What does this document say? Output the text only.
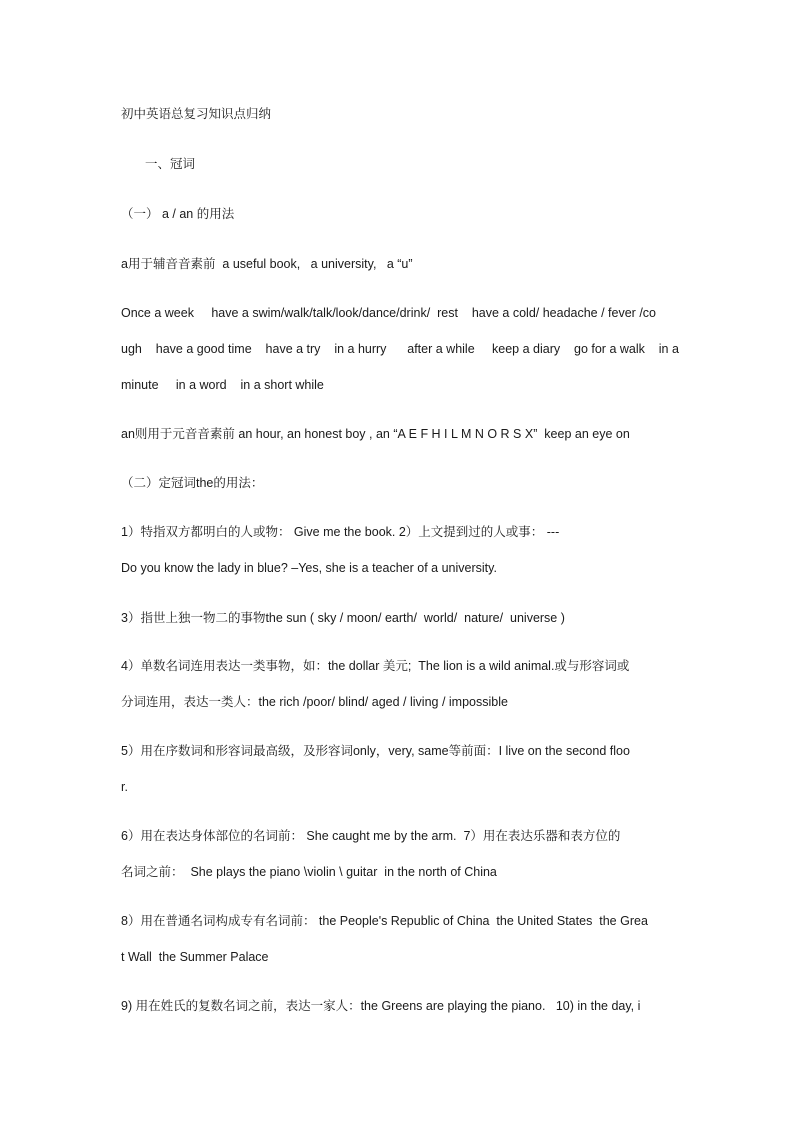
初中英语总复习知识点归纳
一、冠词
（一） a / an 的用法
a用于辅音音素前  a useful book,   a university,   a “u”
Once a week     have a swim/walk/talk/look/dance/drink/  rest    have a cold/ headache / fever /co
ugh    have a good time    have a try    in a hurry      after a while     keep a diary    go for a walk    in a
minute     in a word    in a short while
an则用于元音音素前 an hour, an honest boy , an “A E F H I L M N O R S X”  keep an eye on
（二）定冠词the的用法：
1）特指双方都明白的人或物： Give me the book. 2）上文提到过的人或事： ---
Do you know the lady in blue? –Yes, she is a teacher of a university.
3）指世上独一物二的事物the sun ( sky / moon/ earth/  world/  nature/  universe )
4）单数名词连用表达一类事物，如：the dollar 美元;  The lion is a wild animal.或与形容词或
分词连用，表达一类人：the rich /poor/ blind/ aged / living / impossible
5）用在序数词和形容词最高级，及形容词only，very, same等前面：I live on the second floo
r.
6）用在表达身体部位的名词前： She caught me by the arm.  7）用在表达乐器和表方位的
名词之前：  She plays the piano \violin \ guitar  in the north of China
8）用在普通名词构成专有名词前： the People's Republic of China  the United States  the Grea
t Wall  the Summer Palace
9) 用在姓氏的复数名词之前，表达一家人：the Greens are playing the piano.   10) in the day, i
